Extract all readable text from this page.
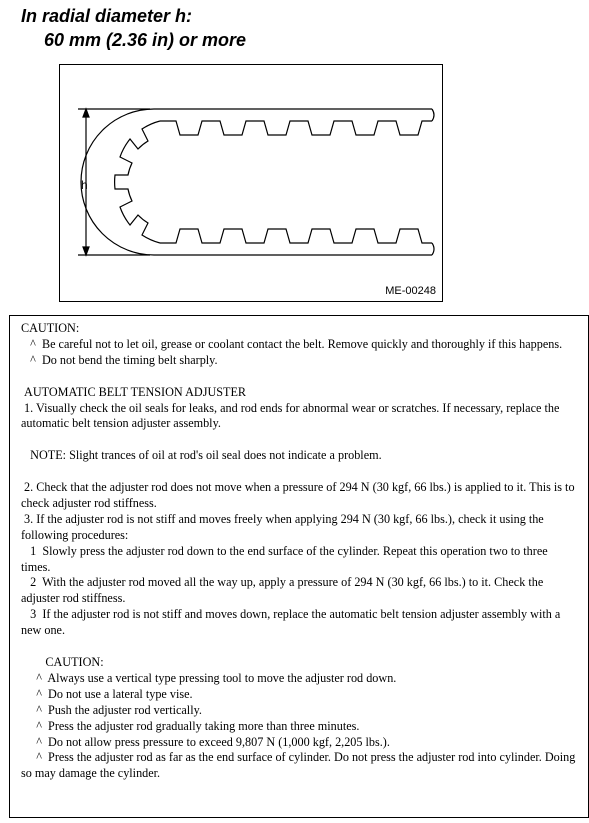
In radial diameter h:
60 mm (2.36 in) or more
h
ME-00248

CAUTION:

^  Be careful not to let oil, grease or coolant contact the belt. Remove quickly and thoroughly if this happens.

^  Do not bend the timing belt sharply.

AUTOMATIC BELT TENSION ADJUSTER

1. Visually check the oil seals for leaks, and rod ends for abnormal wear or scratches. If necessary, replace the automatic belt tension adjuster assembly.

NOTE: Slight trances of oil at rod's oil seal does not indicate a problem.

2. Check that the adjuster rod does not move when a pressure of 294 N (30 kgf, 66 lbs.) is applied to it. This is to check adjuster rod stiffness.

3. If the adjuster rod is not stiff and moves freely when applying 294 N (30 kgf, 66 lbs.), check it using the following procedures:

1  Slowly press the adjuster rod down to the end surface of the cylinder. Repeat this operation two to three times.

2  With the adjuster rod moved all the way up, apply a pressure of 294 N (30 kgf, 66 lbs.) to it. Check the adjuster rod stiffness.

3  If the adjuster rod is not stiff and moves down, replace the automatic belt tension adjuster assembly with a new one.

CAUTION:

^  Always use a vertical type pressing tool to move the adjuster rod down.

^  Do not use a lateral type vise.

^  Push the adjuster rod vertically.

^  Press the adjuster rod gradually taking more than three minutes.

^  Do not allow press pressure to exceed 9,807 N (1,000 kgf, 2,205 lbs.).

^  Press the adjuster rod as far as the end surface of cylinder. Do not press the adjuster rod into cylinder. Doing so may damage the cylinder.
